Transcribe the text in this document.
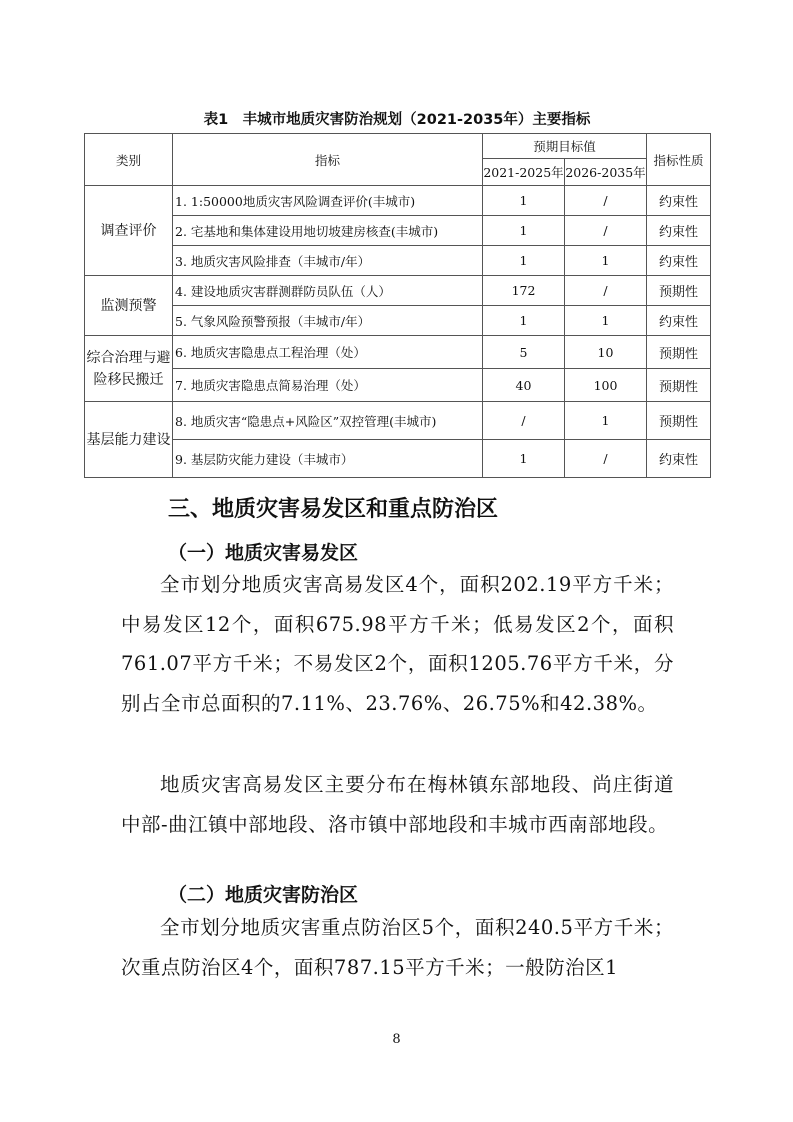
表1　丰城市地质灾害防治规划（2021-2035年）主要指标
类别	指标	预期目标值		指标性质
		2021-2025年	2026-2035年	
调查评价	1. 1:50000地质灾害风险调查评价(丰城市)	1	/	约束性
	2. 宅基地和集体建设用地切坡建房核查(丰城市)	1	/	约束性
	3. 地质灾害风险排查（丰城市/年）	1	1	约束性
监测预警	4. 建设地质灾害群测群防员队伍（人）	172	/	预期性
	5. 气象风险预警预报（丰城市/年）	1	1	约束性
综合治理与避险移民搬迁	6. 地质灾害隐患点工程治理（处）	5	10	预期性
	7. 地质灾害隐患点简易治理（处）	40	100	预期性
基层能力建设	8. 地质灾害“隐患点+风险区”双控管理(丰城市)	/	1	预期性
	9. 基层防灾能力建设（丰城市）	1	/	约束性
三、地质灾害易发区和重点防治区
（一）地质灾害易发区

全市划分地质灾害高易发区4个，面积202.19平方千米；中易发区12个，面积675.98平方千米；低易发区2个，面积761.07平方千米；不易发区2个，面积1205.76平方千米，分别占全市总面积的7.11%、23.76%、26.75%和42.38%。

地质灾害高易发区主要分布在梅林镇东部地段、尚庄街道中部-曲江镇中部地段、洛市镇中部地段和丰城市西南部地段。

（二）地质灾害防治区

全市划分地质灾害重点防治区5个，面积240.5平方千米；次重点防治区4个，面积787.15平方千米；一般防治区1

8
